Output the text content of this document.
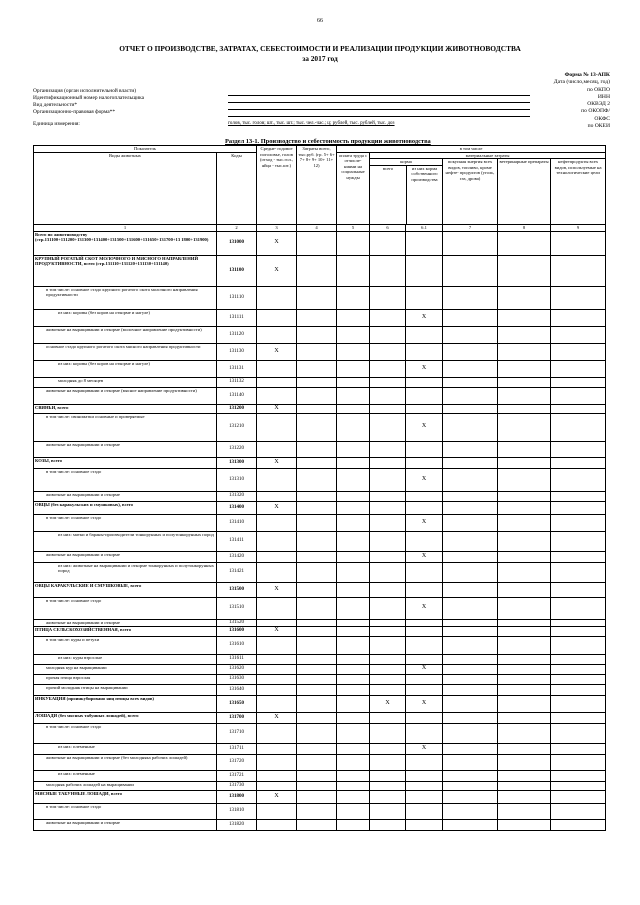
66
ОТЧЕТ О ПРОИЗВОДСТВЕ, ЗАТРАТАХ, СЕБЕСТОИМОСТИ И РЕАЛИЗАЦИИ ПРОДУКЦИИ ЖИВОТНОВОДСТВА
за 2017 год
Форма № 13-АПК
Дата (число,месяц, год)
по ОКПО
ИНН
ОКВЭД 2
по ОКОПФ/
ОКФС
по ОКЕИ
Организация (орган исполнительной власти)
Идентификационный номер налогоплательщика
Вид деятельности*
Организационно-правовая форма**
Единица измерения:	голов, тыс. голов; шт., тыс. шт.; тыс. чел.-час.; ц; рублей, тыс. рублей, тыс. доз
Раздел 13-1. Производство и себестоимость продукции животноводства
Показатель		Средне- годовое поголовье, голов (отход - тыс.гол., яйца - тыс.шт.)	Затраты всего, тыс.руб. (гр. 5+ 6+ 7+ 8+ 9+ 10+ 11+ 12)	в том числе					
Виды животных	Коды			оплата труда с отчисле- ниями на социальные нужды	материальные затраты				

					корма
всего из них корма собственного производства		покупная энергия всех видов, топливо, кроме нефте- продуктов (уголь, газ, дрова)	ветеринарные препараты	нефтепродукты всех видов, используемые на технологические цели
1	2	3	4	5	6	6.1	7	8	9
Всего по животноводству (стр.131100+131200+131300+131400+131500+131600+131650+131700+13 1800+131900)	131000	X							
КРУПНЫЙ РОГАТЫЙ СКОТ МОЛОЧНОГО И МЯСНОГО НАПРАВЛЕНИЙ ПРОДУКТИВНОСТИ, всего (стр.131110+131120+131130+131140)	131100	X							
в том числе: основное стадо крупного рогатого скота молочного направления продуктивности	131110								
из них: коровы (без коров на откорме и нагуле)	131111					X			
животные на выращивании и откорме (молочное направление продуктивности)	131120								
основное стадо крупного рогатого скота мясного направления продуктивности	131130	X							
из них: коровы (без коров на откорме и нагуле)	131131					X			
молодняк до 8 месяцев	131132								
животные на выращивании и откорме (мясное направление продуктивности)	131140								
СВИНЬИ, всего	131200	X							
в том числе: свиноматки основные и проверяемые	131210					X			
животные на выращивании и откорме	131220								
КОЗЫ, всего	131300	X							
в том числе: основное стадо	131310					X			
животные на выращивании и откорме	131320								
ОВЦЫ (без каракульских и смушковых), всего	131400	X							
в том числе: основное стадо	131410					X			
из них: матки и бараны-производители тонкорунных и полутонкорунных пород	131411								
животные на выращивании и откорме	131420					X			
из них: животные на выращивании и откорме тонкорунных и полутонкорунных пород	131421								
ОВЦЫ КАРАКУЛЬСКИЕ И СМУШКОВЫЕ, всего	131500	X							
в том числе: основное стадо	131510					X			
животные на выращивании и откорме	131520								
ПТИЦА СЕЛЬСКОХОЗЯЙСТВЕННАЯ, всего	131600	X							
в том числе: куры и петухи	131610								
из них: куры взрослые	131611								
молодняк кур на выращивании	131620					X			
прочая птица взрослая	131630								
прочий молодняк птицы на выращивании	131640								
ИНКУБАЦИЯ (проинкубировано яиц птицы всех видов)	131650				X	X			
ЛОШАДИ (без мясных табунных лошадей), всего	131700	X							
в том числе: основное стадо	131710								
из них: племенные	131711					X			
животные на выращивании и откорме (без молодняка рабочих лошадей)	131720								
из них: племенные	131721								
молодняк рабочих лошадей на выращивании	131730								
МЯСНЫЕ ТАБУННЫЕ ЛОШАДИ, всего	131800	X							
в том числе: основное стадо	131810								
животные на выращивании и откорме	131820								
